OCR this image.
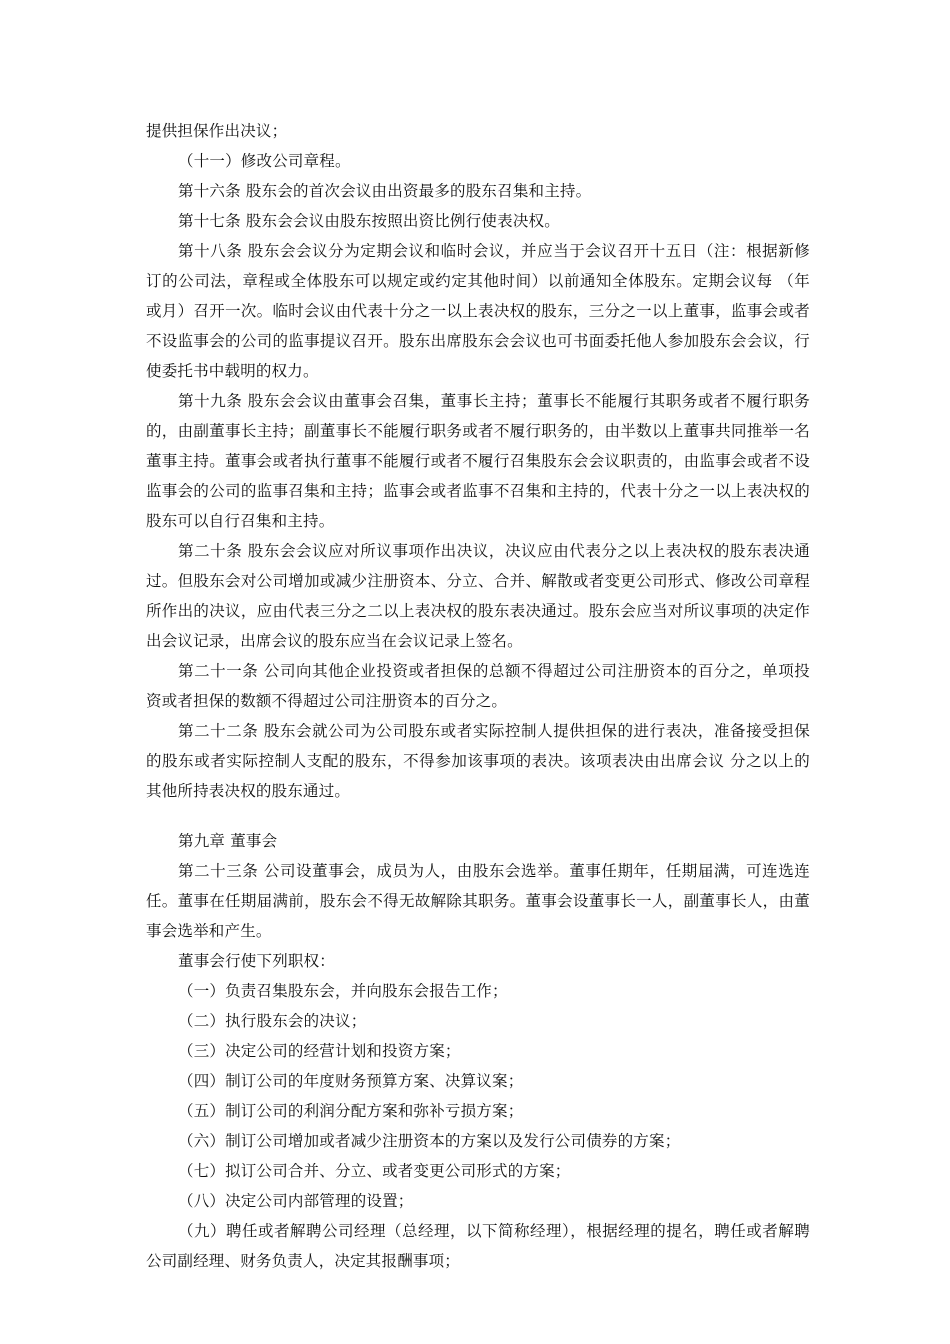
提供担保作出决议；

（十一）修改公司章程。

第十六条 股东会的首次会议由出资最多的股东召集和主持。

第十七条 股东会会议由股东按照出资比例行使表决权。

第十八条 股东会会议分为定期会议和临时会议，并应当于会议召开十五日（注：根据新修订的公司法，章程或全体股东可以规定或约定其他时间）以前通知全体股东。定期会议每 （年或月）召开一次。临时会议由代表十分之一以上表决权的股东，三分之一以上董事，监事会或者不设监事会的公司的监事提议召开。股东出席股东会会议也可书面委托他人参加股东会会议，行使委托书中载明的权力。

第十九条 股东会会议由董事会召集，董事长主持；董事长不能履行其职务或者不履行职务的，由副董事长主持；副董事长不能履行职务或者不履行职务的，由半数以上董事共同推举一名董事主持。董事会或者执行董事不能履行或者不履行召集股东会会议职责的，由监事会或者不设监事会的公司的监事召集和主持；监事会或者监事不召集和主持的，代表十分之一以上表决权的股东可以自行召集和主持。

第二十条 股东会会议应对所议事项作出决议，决议应由代表分之以上表决权的股东表决通过。但股东会对公司增加或减少注册资本、分立、合并、解散或者变更公司形式、修改公司章程所作出的决议，应由代表三分之二以上表决权的股东表决通过。股东会应当对所议事项的决定作出会议记录，出席会议的股东应当在会议记录上签名。

第二十一条 公司向其他企业投资或者担保的总额不得超过公司注册资本的百分之，单项投资或者担保的数额不得超过公司注册资本的百分之。

第二十二条 股东会就公司为公司股东或者实际控制人提供担保的进行表决，准备接受担保的股东或者实际控制人支配的股东，不得参加该事项的表决。该项表决由出席会议 分之以上的其他所持表决权的股东通过。

第九章 董事会

第二十三条 公司设董事会，成员为人，由股东会选举。董事任期年，任期届满，可连选连任。董事在任期届满前，股东会不得无故解除其职务。董事会设董事长一人，副董事长人，由董事会选举和产生。

董事会行使下列职权：

（一）负责召集股东会，并向股东会报告工作；

（二）执行股东会的决议；

（三）决定公司的经营计划和投资方案；

（四）制订公司的年度财务预算方案、决算议案；

（五）制订公司的利润分配方案和弥补亏损方案；

（六）制订公司增加或者减少注册资本的方案以及发行公司债券的方案；

（七）拟订公司合并、分立、或者变更公司形式的方案；

（八）决定公司内部管理的设置；

（九）聘任或者解聘公司经理（总经理，以下简称经理），根据经理的提名，聘任或者解聘公司副经理、财务负责人，决定其报酬事项；
